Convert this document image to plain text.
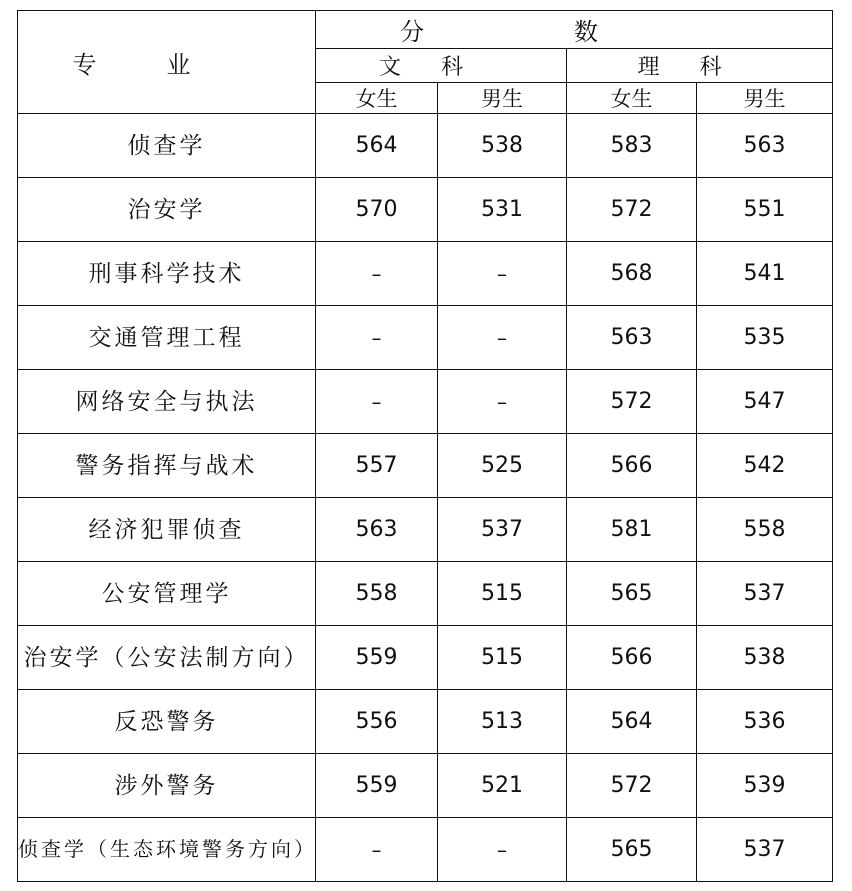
专业	分数			
	文科		理科	
	女生	男生	女生	男生
侦查学	564	538	583	563
治安学	570	531	572	551
刑事科学技术	–	–	568	541
交通管理工程	–	–	563	535
网络安全与执法	–	–	572	547
警务指挥与战术	557	525	566	542
经济犯罪侦查	563	537	581	558
公安管理学	558	515	565	537
治安学（公安法制方向）	559	515	566	538
反恐警务	556	513	564	536
涉外警务	559	521	572	539
侦查学（生态环境警务方向）	–	–	565	537
